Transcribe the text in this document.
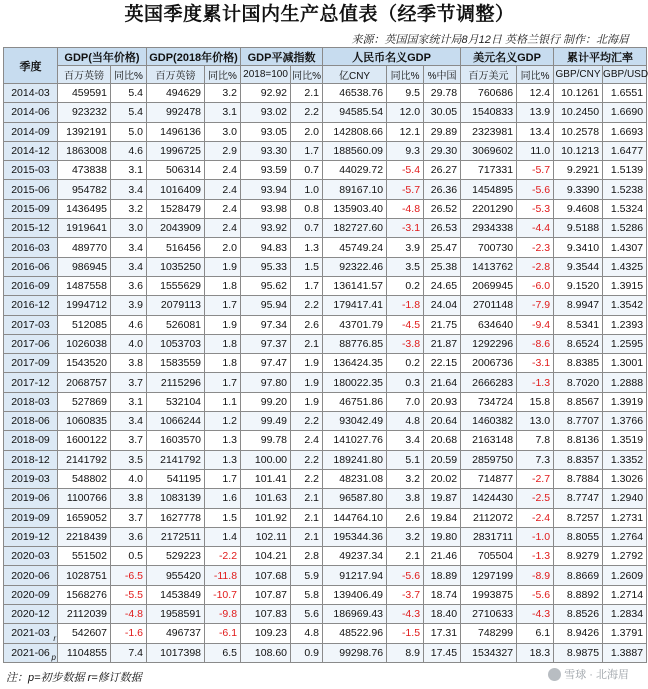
英国季度累计国内生产总值表（经季节调整）
来源：英国国家统计局8月12日 英格兰银行 制作：北海眉
季度	GDP(当年价格)		GDP(2018年价格)		GDP平减指数		人民币名义GDP			美元名义GDP		累计平均汇率	
	百万英镑	同比%	百万英镑	同比%	2018=100	同比%	亿CNY	同比%	%中国	百万美元	同比%	GBP/CNY	GBP/USD
2014-03	459591	5.4	494629	3.2	92.92	2.1	46538.76	9.5	29.78	760686	12.4	10.1261	1.6551
2014-06	923232	5.4	992478	3.1	93.02	2.2	94585.54	12.0	30.05	1540833	13.9	10.2450	1.6690
2014-09	1392191	5.0	1496136	3.0	93.05	2.0	142808.66	12.1	29.89	2323981	13.4	10.2578	1.6693
2014-12	1863008	4.6	1996725	2.9	93.30	1.7	188560.09	9.3	29.30	3069602	11.0	10.1213	1.6477
2015-03	473838	3.1	506314	2.4	93.59	0.7	44029.72	-5.4	26.27	717331	-5.7	9.2921	1.5139
2015-06	954782	3.4	1016409	2.4	93.94	1.0	89167.10	-5.7	26.36	1454895	-5.6	9.3390	1.5238
2015-09	1436495	3.2	1528479	2.4	93.98	0.8	135903.40	-4.8	26.52	2201290	-5.3	9.4608	1.5324
2015-12	1919641	3.0	2043909	2.4	93.92	0.7	182727.60	-3.1	26.53	2934338	-4.4	9.5188	1.5286
2016-03	489770	3.4	516456	2.0	94.83	1.3	45749.24	3.9	25.47	700730	-2.3	9.3410	1.4307
2016-06	986945	3.4	1035250	1.9	95.33	1.5	92322.46	3.5	25.38	1413762	-2.8	9.3544	1.4325
2016-09	1487558	3.6	1555629	1.8	95.62	1.7	136141.57	0.2	24.65	2069945	-6.0	9.1520	1.3915
2016-12	1994712	3.9	2079113	1.7	95.94	2.2	179417.41	-1.8	24.04	2701148	-7.9	8.9947	1.3542
2017-03	512085	4.6	526081	1.9	97.34	2.6	43701.79	-4.5	21.75	634640	-9.4	8.5341	1.2393
2017-06	1026038	4.0	1053703	1.8	97.37	2.1	88776.85	-3.8	21.87	1292296	-8.6	8.6524	1.2595
2017-09	1543520	3.8	1583559	1.8	97.47	1.9	136424.35	0.2	22.15	2006736	-3.1	8.8385	1.3001
2017-12	2068757	3.7	2115296	1.7	97.80	1.9	180022.35	0.3	21.64	2666283	-1.3	8.7020	1.2888
2018-03	527869	3.1	532104	1.1	99.20	1.9	46751.86	7.0	20.93	734724	15.8	8.8567	1.3919
2018-06	1060835	3.4	1066244	1.2	99.49	2.2	93042.49	4.8	20.64	1460382	13.0	8.7707	1.3766
2018-09	1600122	3.7	1603570	1.3	99.78	2.4	141027.76	3.4	20.68	2163148	7.8	8.8136	1.3519
2018-12	2141792	3.5	2141792	1.3	100.00	2.2	189241.80	5.1	20.59	2859750	7.3	8.8357	1.3352
2019-03	548802	4.0	541195	1.7	101.41	2.2	48231.08	3.2	20.02	714877	-2.7	8.7884	1.3026
2019-06	1100766	3.8	1083139	1.6	101.63	2.1	96587.80	3.8	19.87	1424430	-2.5	8.7747	1.2940
2019-09	1659052	3.7	1627778	1.5	101.92	2.1	144764.10	2.6	19.84	2112072	-2.4	8.7257	1.2731
2019-12	2218439	3.6	2172511	1.4	102.11	2.1	195344.36	3.2	19.80	2831711	-1.0	8.8055	1.2764
2020-03	551502	0.5	529223	-2.2	104.21	2.8	49237.34	2.1	21.46	705504	-1.3	8.9279	1.2792
2020-06	1028751	-6.5	955420	-11.8	107.68	5.9	91217.94	-5.6	18.89	1297199	-8.9	8.8669	1.2609
2020-09	1568276	-5.5	1453849	-10.7	107.87	5.8	139406.49	-3.7	18.74	1993875	-5.6	8.8892	1.2714
2020-12	2112039	-4.8	1958591	-9.8	107.83	5.6	186969.43	-4.3	18.40	2710633	-4.3	8.8526	1.2834
2021-03 r	542607	-1.6	496737	-6.1	109.23	4.8	48522.96	-1.5	17.31	748299	6.1	8.9426	1.3791
2021-06 p	1104855	7.4	1017398	6.5	108.60	0.9	99298.76	8.9	17.45	1534327	18.3	8.9875	1.3887
注：p=初步数据 r=修订数据	雪球 · 北海眉
